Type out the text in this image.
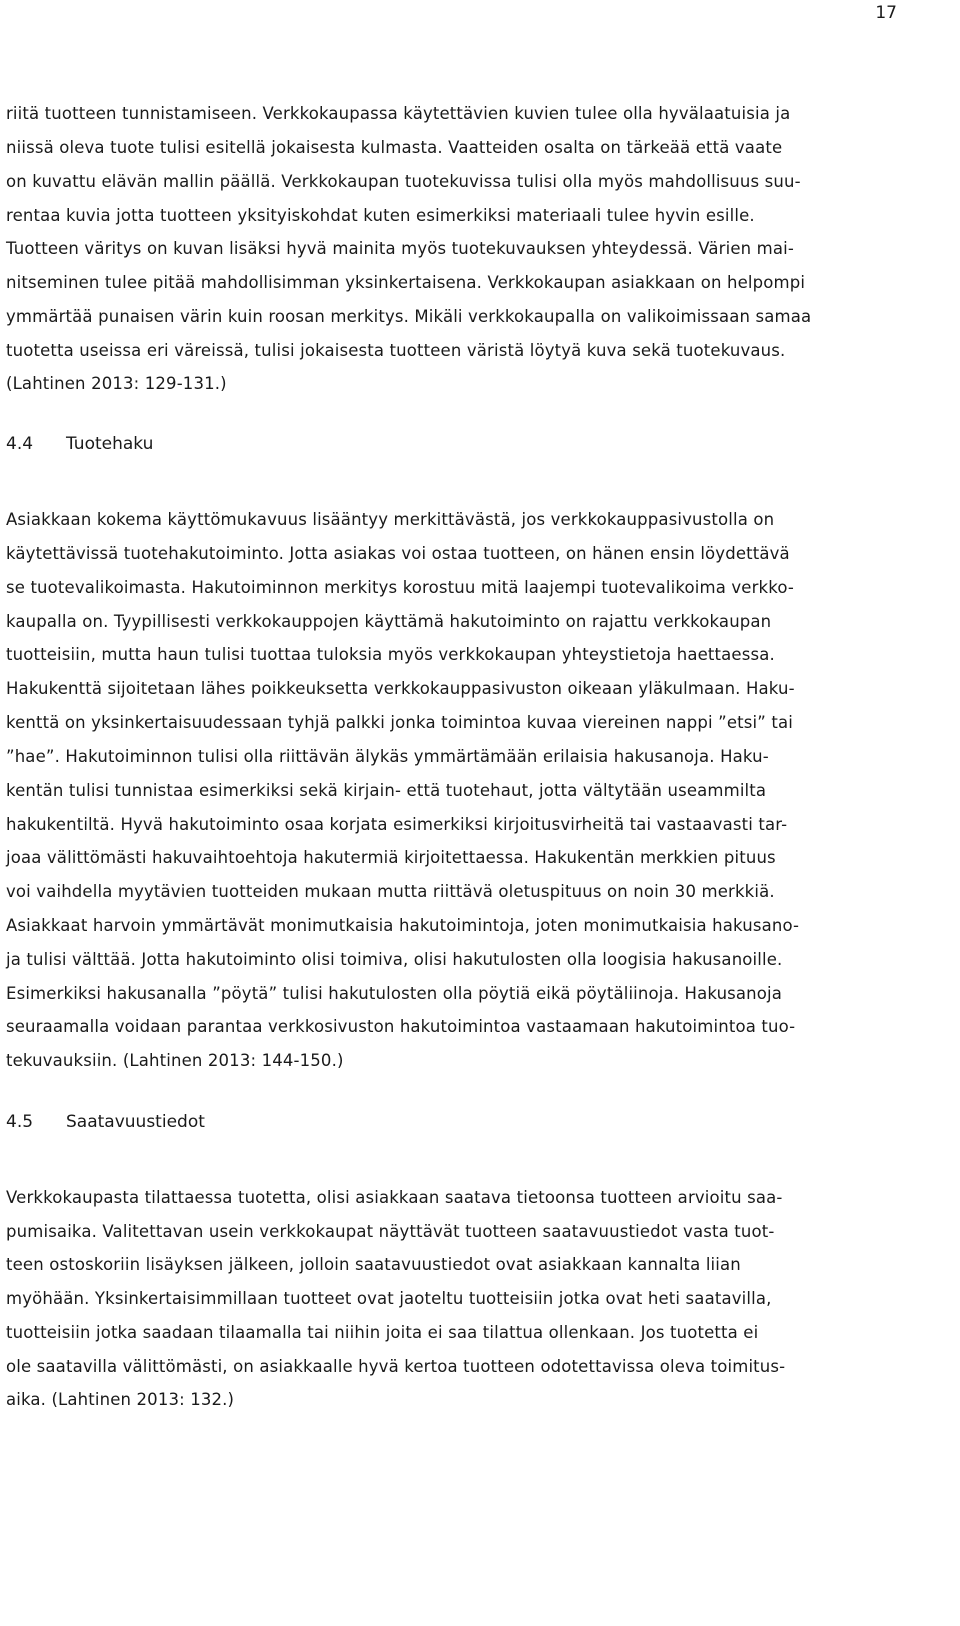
17
riitä tuotteen tunnistamiseen. Verkkokaupassa käytettävien kuvien tulee olla hyvälaatuisia ja
niissä oleva tuote tulisi esitellä jokaisesta kulmasta. Vaatteiden osalta on tärkeää että vaate
on kuvattu elävän mallin päällä. Verkkokaupan tuotekuvissa tulisi olla myös mahdollisuus suu-
rentaa kuvia jotta tuotteen yksityiskohdat kuten esimerkiksi materiaali tulee hyvin esille.
Tuotteen väritys on kuvan lisäksi hyvä mainita myös tuotekuvauksen yhteydessä. Värien mai-
nitseminen tulee pitää mahdollisimman yksinkertaisena. Verkkokaupan asiakkaan on helpompi
ymmärtää punaisen värin kuin roosan merkitys. Mikäli verkkokaupalla on valikoimissaan samaa
tuotetta useissa eri väreissä, tulisi jokaisesta tuotteen väristä löytyä kuva sekä tuotekuvaus.
(Lahtinen 2013: 129-131.)
4.4 Tuotehaku
Asiakkaan kokema käyttömukavuus lisääntyy merkittävästä, jos verkkokauppasivustolla on
käytettävissä tuotehakutoiminto. Jotta asiakas voi ostaa tuotteen, on hänen ensin löydettävä
se tuotevalikoimasta. Hakutoiminnon merkitys korostuu mitä laajempi tuotevalikoima verkko-
kaupalla on. Tyypillisesti verkkokauppojen käyttämä hakutoiminto on rajattu verkkokaupan
tuotteisiin, mutta haun tulisi tuottaa tuloksia myös verkkokaupan yhteystietoja haettaessa.
Hakukenttä sijoitetaan lähes poikkeuksetta verkkokauppasivuston oikeaan yläkulmaan. Haku-
kenttä on yksinkertaisuudessaan tyhjä palkki jonka toimintoa kuvaa viereinen nappi ”etsi” tai
”hae”. Hakutoiminnon tulisi olla riittävän älykäs ymmärtämään erilaisia hakusanoja. Haku-
kentän tulisi tunnistaa esimerkiksi sekä kirjain- että tuotehaut, jotta vältytään useammilta
hakukentiltä. Hyvä hakutoiminto osaa korjata esimerkiksi kirjoitusvirheitä tai vastaavasti tar-
joaa välittömästi hakuvaihtoehtoja hakutermiä kirjoitettaessa. Hakukentän merkkien pituus
voi vaihdella myytävien tuotteiden mukaan mutta riittävä oletuspituus on noin 30 merkkiä.
Asiakkaat harvoin ymmärtävät monimutkaisia hakutoimintoja, joten monimutkaisia hakusano-
ja tulisi välttää. Jotta hakutoiminto olisi toimiva, olisi hakutulosten olla loogisia hakusanoille.
Esimerkiksi hakusanalla ”pöytä” tulisi hakutulosten olla pöytiä eikä pöytäliinoja. Hakusanoja
seuraamalla voidaan parantaa verkkosivuston hakutoimintoa vastaamaan hakutoimintoa tuo-
tekuvauksiin. (Lahtinen 2013: 144-150.)
4.5 Saatavuustiedot
Verkkokaupasta tilattaessa tuotetta, olisi asiakkaan saatava tietoonsa tuotteen arvioitu saa-
pumisaika. Valitettavan usein verkkokaupat näyttävät tuotteen saatavuustiedot vasta tuot-
teen ostoskoriin lisäyksen jälkeen, jolloin saatavuustiedot ovat asiakkaan kannalta liian
myöhään. Yksinkertaisimmillaan tuotteet ovat jaoteltu tuotteisiin jotka ovat heti saatavilla,
tuotteisiin jotka saadaan tilaamalla tai niihin joita ei saa tilattua ollenkaan. Jos tuotetta ei
ole saatavilla välittömästi, on asiakkaalle hyvä kertoa tuotteen odotettavissa oleva toimitus-
aika. (Lahtinen 2013: 132.)
